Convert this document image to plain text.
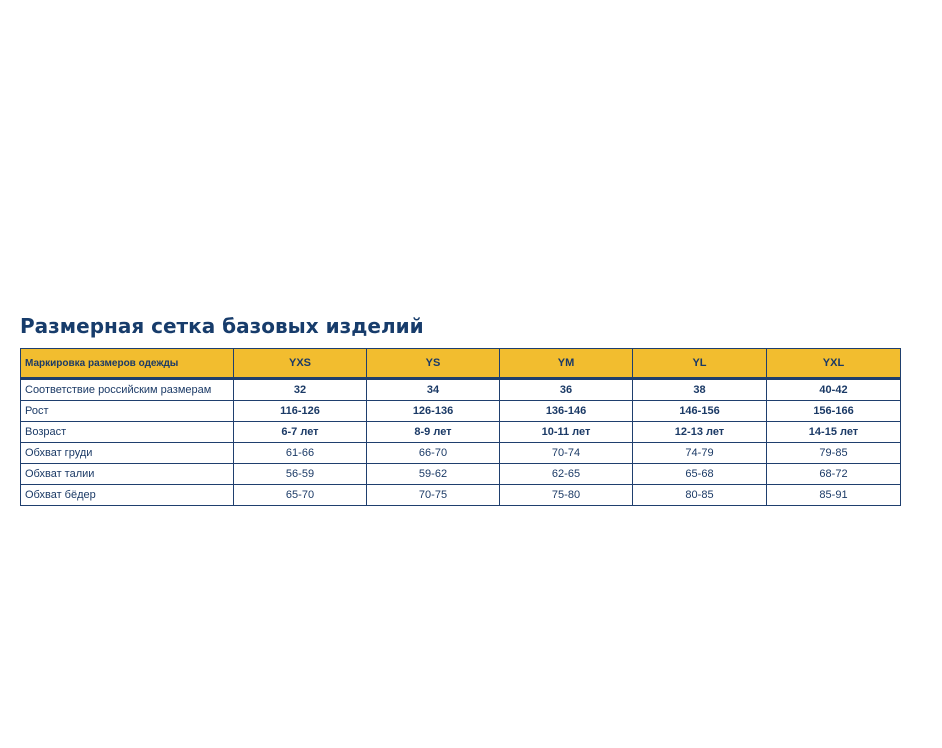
Размерная сетка базовых изделий
Маркировка размеров одежды	YXS	YS	YM	YL	YXL
Соответствие российским размерам	32	34	36	38	40-42
Рост	116-126	126-136	136-146	146-156	156-166
Возраст	6-7 лет	8-9 лет	10-11 лет	12-13 лет	14-15 лет
Обхват груди	61-66	66-70	70-74	74-79	79-85
Обхват талии	56-59	59-62	62-65	65-68	68-72
Обхват бёдер	65-70	70-75	75-80	80-85	85-91
